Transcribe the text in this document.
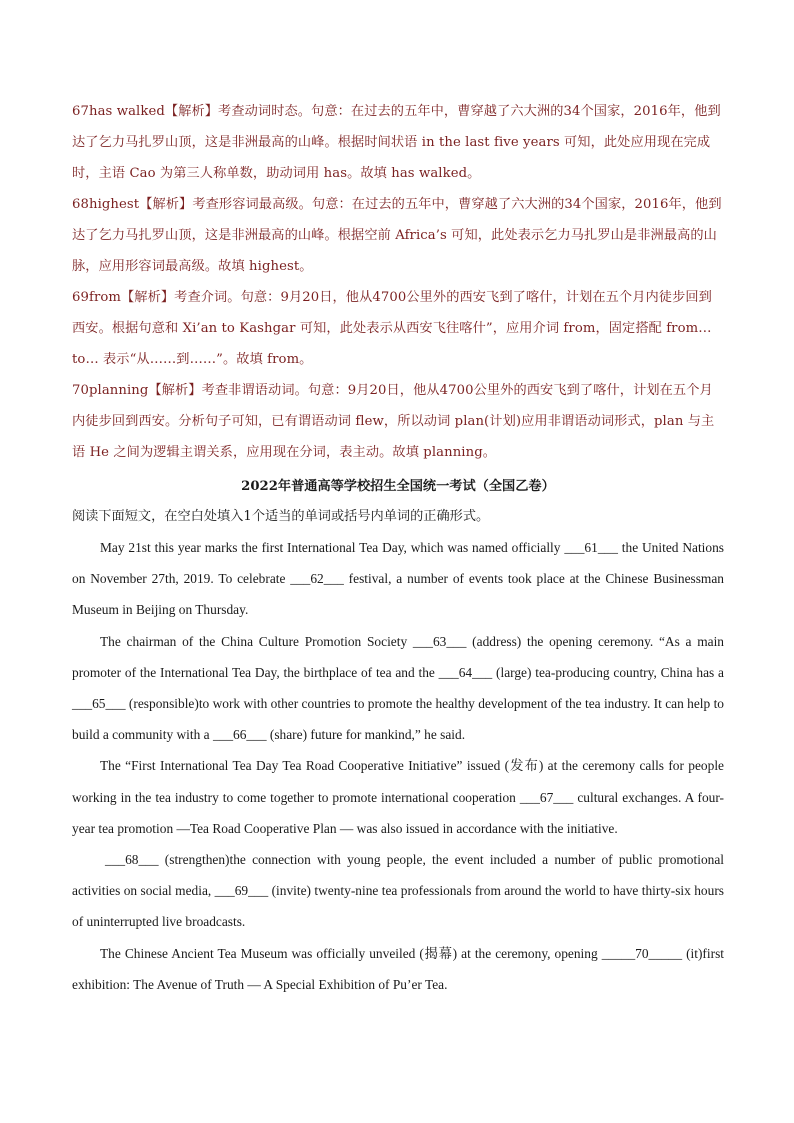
67has walked【解析】考查动词时态。句意：在过去的五年中，曹穿越了六大洲的34个国家，2016年，他到达了乞力马扎罗山顶，这是非洲最高的山峰。根据时间状语 in the last five years 可知，此处应用现在完成时，主语 Cao 为第三人称单数，助动词用 has。故填 has walked。

68highest【解析】考查形容词最高级。句意：在过去的五年中，曹穿越了六大洲的34个国家，2016年，他到达了乞力马扎罗山顶，这是非洲最高的山峰。根据空前 Africa’s 可知，此处表示乞力马扎罗山是非洲最高的山脉，应用形容词最高级。故填 highest。

69from【解析】考查介词。句意：9月20日，他从4700公里外的西安飞到了喀什，计划在五个月内徒步回到西安。根据句意和 Xi’an to Kashgar 可知，此处表示从西安飞往喀什”，应用介词 from，固定搭配 from…to… 表示“从……到……”。故填 from。

70planning【解析】考查非谓语动词。句意：9月20日，他从4700公里外的西安飞到了喀什，计划在五个月内徒步回到西安。分析句子可知，已有谓语动词 flew，所以动词 plan(计划)应用非谓语动词形式，plan 与主语 He 之间为逻辑主谓关系，应用现在分词，表主动。故填 planning。

2022年普通高等学校招生全国统一考试（全国乙卷）
阅读下面短文，在空白处填入1个适当的单词或括号内单词的正确形式。

May 21st this year marks the first International Tea Day, which was named officially ___61___ the United Nations on November 27th, 2019. To celebrate ___62___ festival, a number of events took place at the Chinese Businessman Museum in Beijing on Thursday.

The chairman of the China Culture Promotion Society ___63___ (address) the opening ceremony. “As a main promoter of the International Tea Day, the birthplace of tea and the ___64___ (large) tea-producing country, China has a ___65___ (responsible)to work with other countries to promote the healthy development of the tea industry. It can help to build a community with a ___66___ (share) future for mankind,” he said.

The “First International Tea Day Tea Road Cooperative Initiative” issued (发布) at the ceremony calls for people working in the tea industry to come together to promote international cooperation ___67___ cultural exchanges. A four-year tea promotion —Tea Road Cooperative Plan — was also issued in accordance with the initiative.

___68___ (strengthen)the connection with young people, the event included a number of public promotional activities on social media, ___69___ (invite) twenty-nine tea professionals from around the world to have thirty-six hours of uninterrupted live broadcasts.

The Chinese Ancient Tea Museum was officially unveiled (揭幕) at the ceremony, opening _____70_____ (it)first exhibition: The Avenue of Truth — A Special Exhibition of Pu’er Tea.
